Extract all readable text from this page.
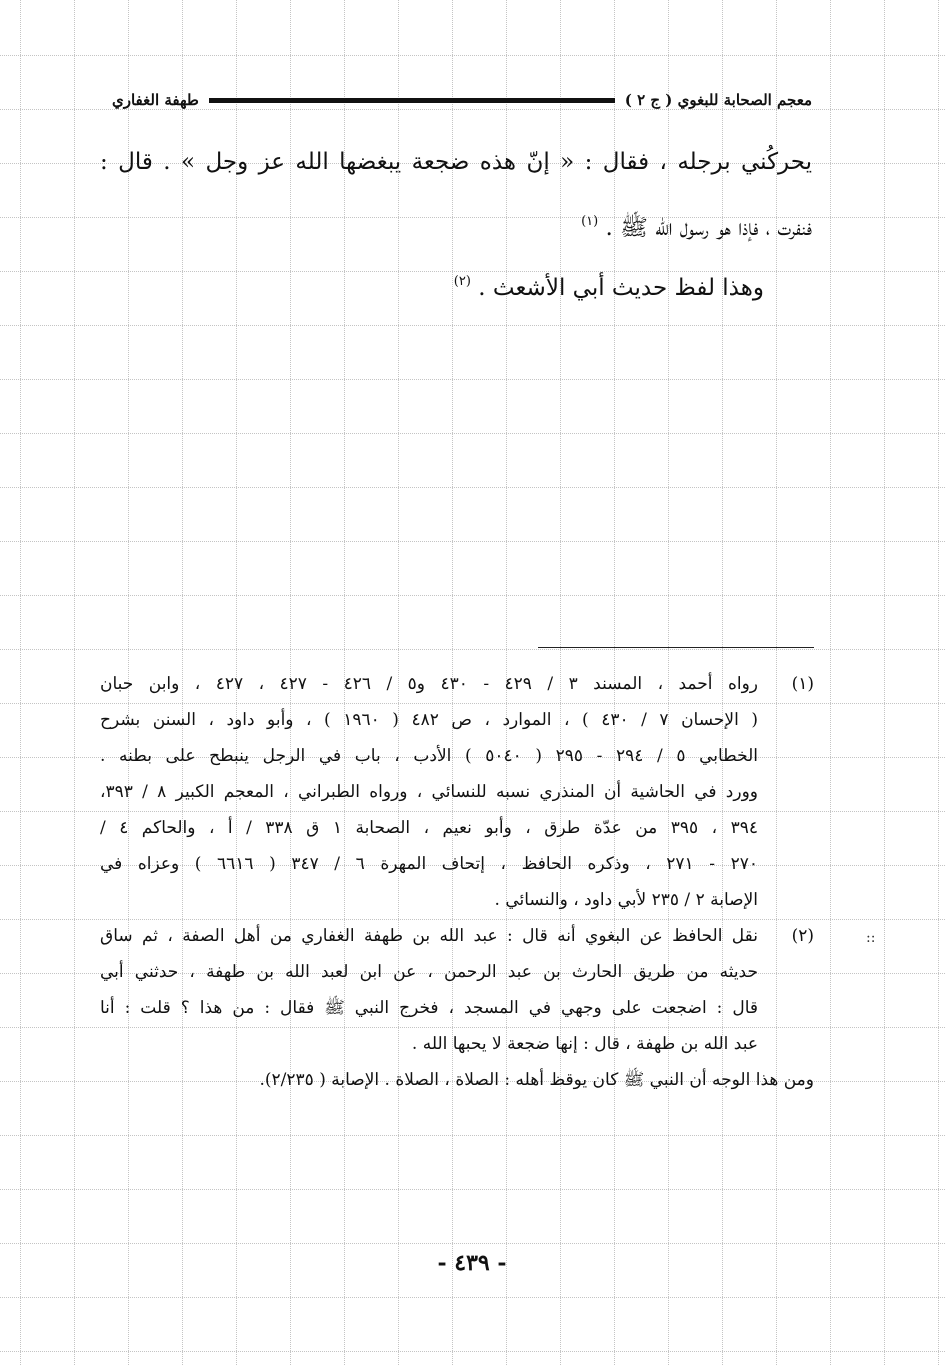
معجم الصحابة للبغوي ( ج ٢ )
طهفة الغفاري

يحركُني برجله ، فقال : « إنّ هذه ضجعة يبغضها الله عز وجل » . قال :

فنفرت ، فإذا هو رسول الله ﷺ . $^{(١)}$

وهذا لفظ حديث أبي الأشعث . $^{(٢)}$

(١)
رواه أحمد ، المسند ٣ / ٤٢٩ - ٤٣٠ و٥ / ٤٢٦ - ٤٢٧ ، ٤٢٧ ، وابن حبان
( الإحسان ٧ / ٤٣٠ ) ، الموارد ، ص ٤٨٢ ( ١٩٦٠ ) ، وأبو داود ، السنن بشرح
الخطابي ٥ / ٢٩٤ - ٢٩٥ ( ٥٠٤٠ ) الأدب ، باب في الرجل ينبطح على بطنه .
وورد في الحاشية أن المنذري نسبه للنسائي ، ورواه الطبراني ، المعجم الكبير ٨ / ٣٩٣،
٣٩٤ ، ٣٩٥ من عدّة طرق ، وأبو نعيم ، الصحابة ١ ق ٣٣٨ / أ ، والحاكم ٤ /
٢٧٠ - ٢٧١ ، وذكره الحافظ ، إتحاف المهرة ٦ / ٣٤٧ ( ٦٦١٦ ) وعزاه في
الإصابة ٢ / ٢٣٥ لأبي داود ، والنسائي .
(٢)
نقل الحافظ عن البغوي أنه قال : عبد الله بن طهفة الغفاري من أهل الصفة ، ثم ساق
حديثه من طريق الحارث بن عبد الرحمن ، عن ابن لعبد الله بن طهفة ، حدثني أبي
قال : اضجعت على وجهي في المسجد ، فخرج النبي ﷺ فقال : من هذا ؟ قلت : أنا
عبد الله بن طهفة ، قال : إنها ضجعة لا يحبها الله .
ومن هذا الوجه أن النبي ﷺ كان يوقظ أهله : الصلاة ، الصلاة . الإصابة ( ٢/٢٣٥).
::
- ٤٣٩ -
